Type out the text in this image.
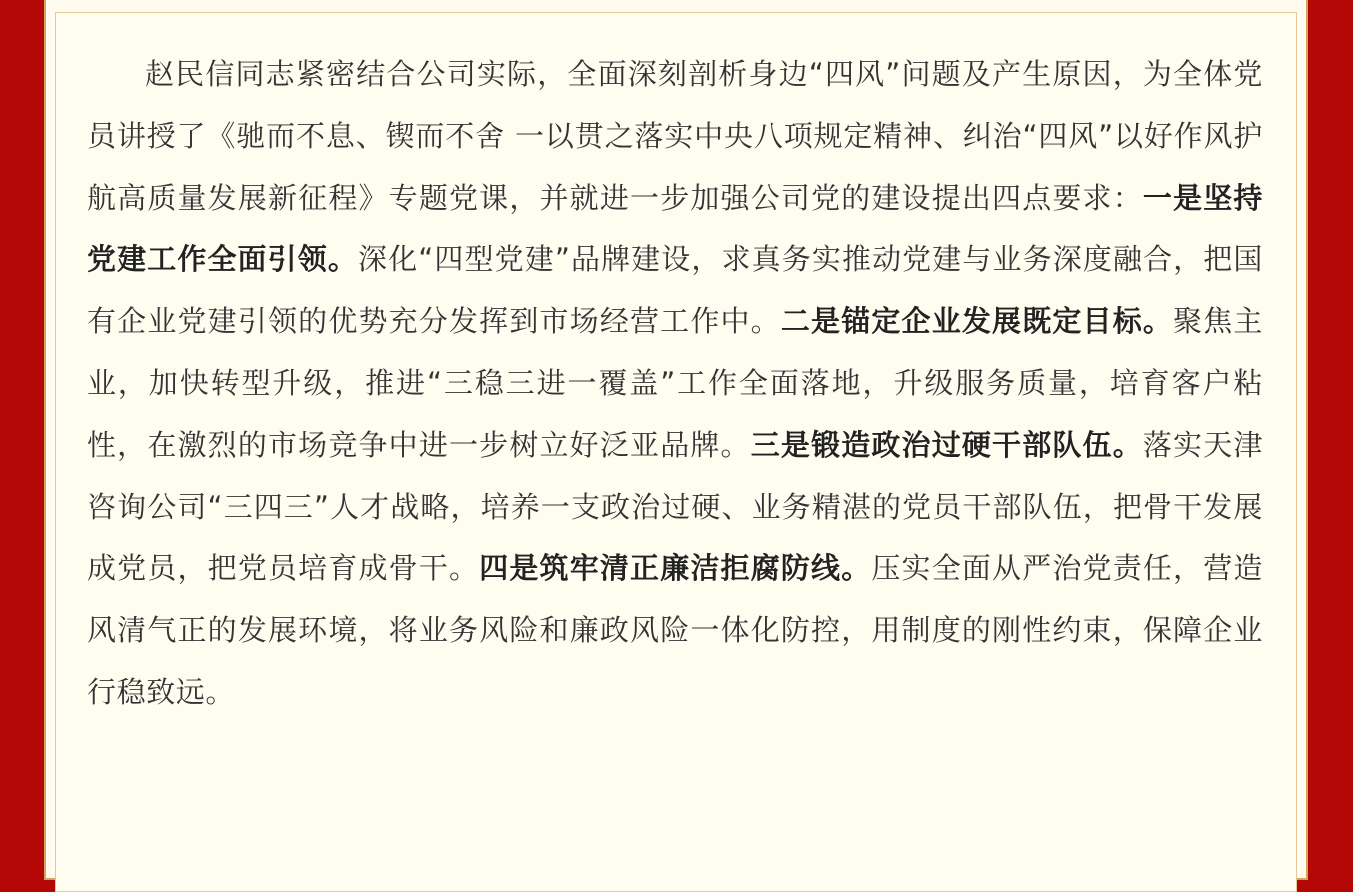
赵民信同志紧密结合公司实际，全面深刻剖析身边“四风”问题及产生原因，为全体党员讲授了《驰而不息、锲而不舍 一以贯之落实中央八项规定精神、纠治“四风”以好作风护航高质量发展新征程》专题党课，并就进一步加强公司党的建设提出四点要求：一是坚持党建工作全面引领。深化“四型党建”品牌建设，求真务实推动党建与业务深度融合，把国有企业党建引领的优势充分发挥到市场经营工作中。二是锚定企业发展既定目标。聚焦主业，加快转型升级，推进“三稳三进一覆盖”工作全面落地，升级服务质量，培育客户粘性，在激烈的市场竞争中进一步树立好泛亚品牌。三是锻造政治过硬干部队伍。落实天津咨询公司“三四三”人才战略，培养一支政治过硬、业务精湛的党员干部队伍，把骨干发展成党员，把党员培育成骨干。四是筑牢清正廉洁拒腐防线。压实全面从严治党责任，营造风清气正的发展环境，将业务风险和廉政风险一体化防控，用制度的刚性约束，保障企业行稳致远。
